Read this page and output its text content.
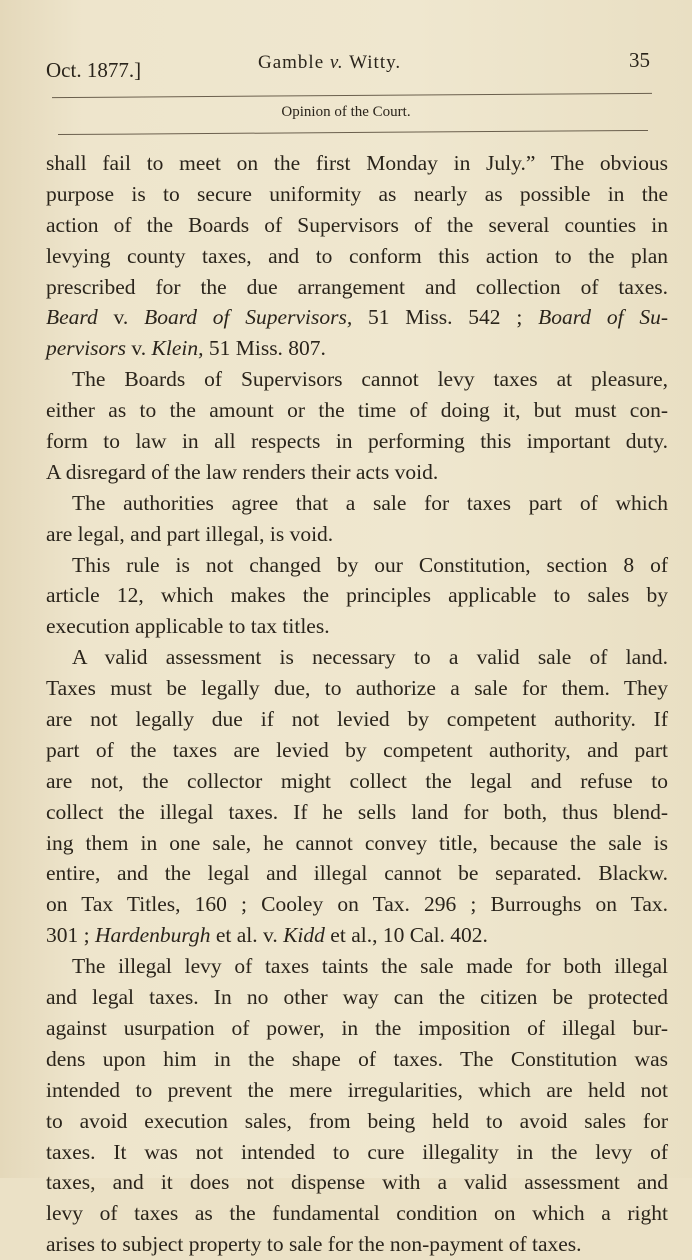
Oct. 1877.]	Gamble v. Witty.	35
Opinion of the Court.
shall fail to meet on the first Monday in July.” The obvious
purpose is to secure uniformity as nearly as possible in the
action of the Boards of Supervisors of the several counties in
levying county taxes, and to conform this action to the plan
prescribed for the due arrangement and collection of taxes.
Beard v. Board of Supervisors, 51 Miss. 542 ; Board of Su-
pervisors v. Klein, 51 Miss. 807.
The Boards of Supervisors cannot levy taxes at pleasure,
either as to the amount or the time of doing it, but must con-
form to law in all respects in performing this important duty.
A disregard of the law renders their acts void.
The authorities agree that a sale for taxes part of which
are legal, and part illegal, is void.
This rule is not changed by our Constitution, section 8 of
article 12, which makes the principles applicable to sales by
execution applicable to tax titles.
A valid assessment is necessary to a valid sale of land.
Taxes must be legally due, to authorize a sale for them. They
are not legally due if not levied by competent authority. If
part of the taxes are levied by competent authority, and part
are not, the collector might collect the legal and refuse to
collect the illegal taxes. If he sells land for both, thus blend-
ing them in one sale, he cannot convey title, because the sale is
entire, and the legal and illegal cannot be separated. Blackw.
on Tax Titles, 160 ; Cooley on Tax. 296 ; Burroughs on Tax.
301 ; Hardenburgh et al. v. Kidd et al., 10 Cal. 402.
The illegal levy of taxes taints the sale made for both illegal
and legal taxes. In no other way can the citizen be protected
against usurpation of power, in the imposition of illegal bur-
dens upon him in the shape of taxes. The Constitution was
intended to prevent the mere irregularities, which are held not
to avoid execution sales, from being held to avoid sales for
taxes. It was not intended to cure illegality in the levy of
taxes, and it does not dispense with a valid assessment and
levy of taxes as the fundamental condition on which a right
arises to subject property to sale for the non-payment of taxes.
